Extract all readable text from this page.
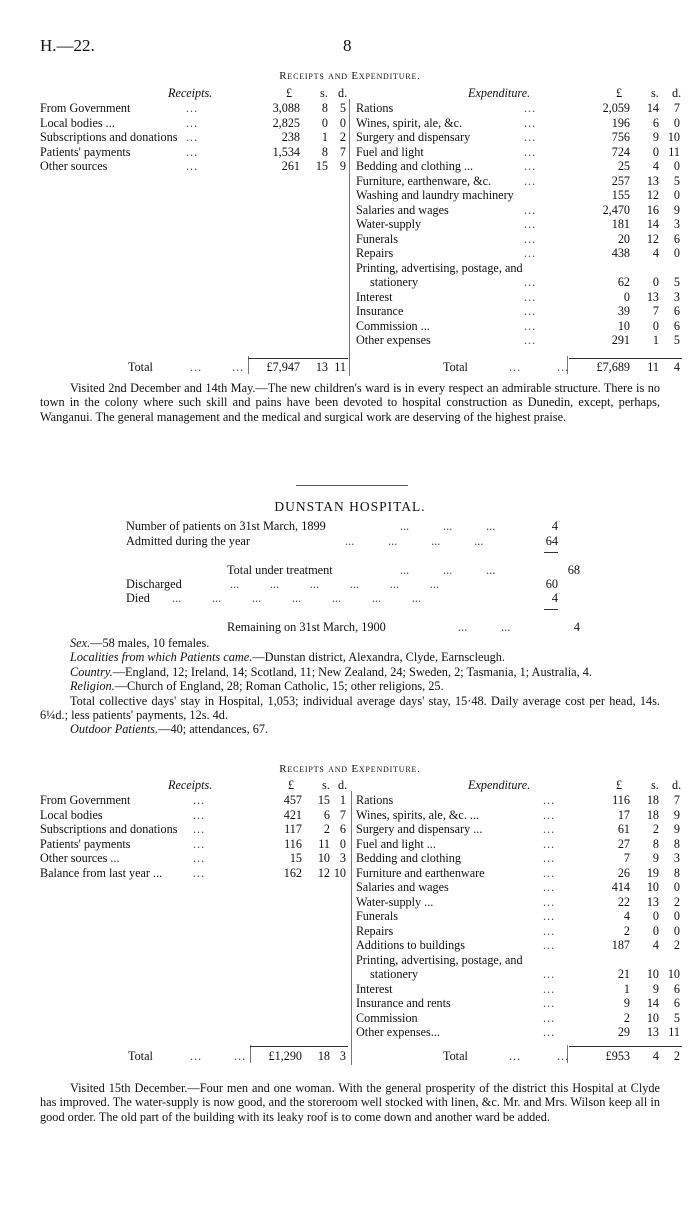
H.—22.	8
Receipts and Expenditure.
Receipts.	Expenditure.
£ s. d.	£ s. d.
From Government	...	3,088	8 5
Local bodies ...	...	2,825	0 0
Subscriptions and donations ...	238	1 2
Patients' payments	...	1,534	8 7
Other sources	...	261	15 9
Rations	...	2,059	14	7
Wines, spirit, ale, &c.	...	196	6	0
Surgery and dispensary	...	756	9 10
Fuel and light	...	724	0 11
Bedding and clothing ...	...	25	4	0
Furniture, earthenware, &c.	...	257	13	5
Washing and laundry machinery	155	12	0
Salaries and wages	...	2,470	16	9
Water-supply	...	181	14	3
Funerals	...	20	12	6
Repairs	...	438	4	0
Printing, advertising, postage, and
stationery	...	62	0	5
Interest	...	0	13	3
Insurance	...	39	7	6
Commission ...	...	10	0	6
Other expenses	...	291	1	5
Total	... ...	£7,947	13 11	Total	...	...	£7,689	11	4

Visited 2nd December and 14th May.—The new children's ward is in every respect an admirable structure. There is no town in the colony where such skill and pains have been devoted to hospital construction as Dunedin, except, perhaps, Wanganui. The general management and the medical and surgical work are deserving of the highest praise.

DUNSTAN HOSPITAL.
Number of patients on 31st March, 1899	...           ...           ...	4
Admitted during the year	...           ...           ...           ...	64
Total under treatment	...           ...           ...	68
Discharged	...          ...          ...          ...          ...          ...	60
Died ...          ...          ...          ...          ...          ...          ...	4
Remaining on 31st March, 1900	...           ...	4

Sex.—58 males, 10 females.

Localities from which Patients came.—Dunstan district, Alexandra, Clyde, Earnscleugh.

Country.—England, 12; Ireland, 14; Scotland, 11; New Zealand, 24; Sweden, 2; Tasmania, 1; Australia, 4.

Religion.—Church of England, 28; Roman Catholic, 15; other religions, 25.

Total collective days' stay in Hospital, 1,053; individual average days' stay, 15·48. Daily average cost per head, 14s. 6¼d.; less patients' payments, 12s. 4d.

Outdoor Patients.—40; attendances, 67.

Receipts and Expenditure.
Receipts.	Expenditure.
£ s. d.	£ s. d.
From Government	...	457	15 1
Local bodies	...	421	6 7
Subscriptions and donations ...	117	2 6
Patients' payments	...	116	11 0
Other sources ...	...	15	10 3
Balance from last year ...	...	162	12 10
Rations	...	116	18	7
Wines, spirits, ale, &c. ...	...	17	18	9
Surgery and dispensary ...	...	61	2	9
Fuel and light ...	...	27	8	8
Bedding and clothing	...	7	9	3
Furniture and earthenware	...	26	19	8
Salaries and wages	...	414	10	0
Water-supply ...	...	22	13	2
Funerals	...	4	0	0
Repairs	...	2	0	0
Additions to buildings	...	187	4	2
Printing, advertising, postage, and
stationery	...	21	10 10
Interest	...	1	9	6
Insurance and rents	...	9	14	6
Commission	...	2	10	5
Other expenses...	...	29	13 11
Total	...	...	£1,290	18 3	Total	...	...	£953	4	2

Visited 15th December.—Four men and one woman. With the general prosperity of the district this Hospital at Clyde has improved. The water-supply is now good, and the storeroom well stocked with linen, &c. Mr. and Mrs. Wilson keep all in good order. The old part of the building with its leaky roof is to come down and another ward be added.
